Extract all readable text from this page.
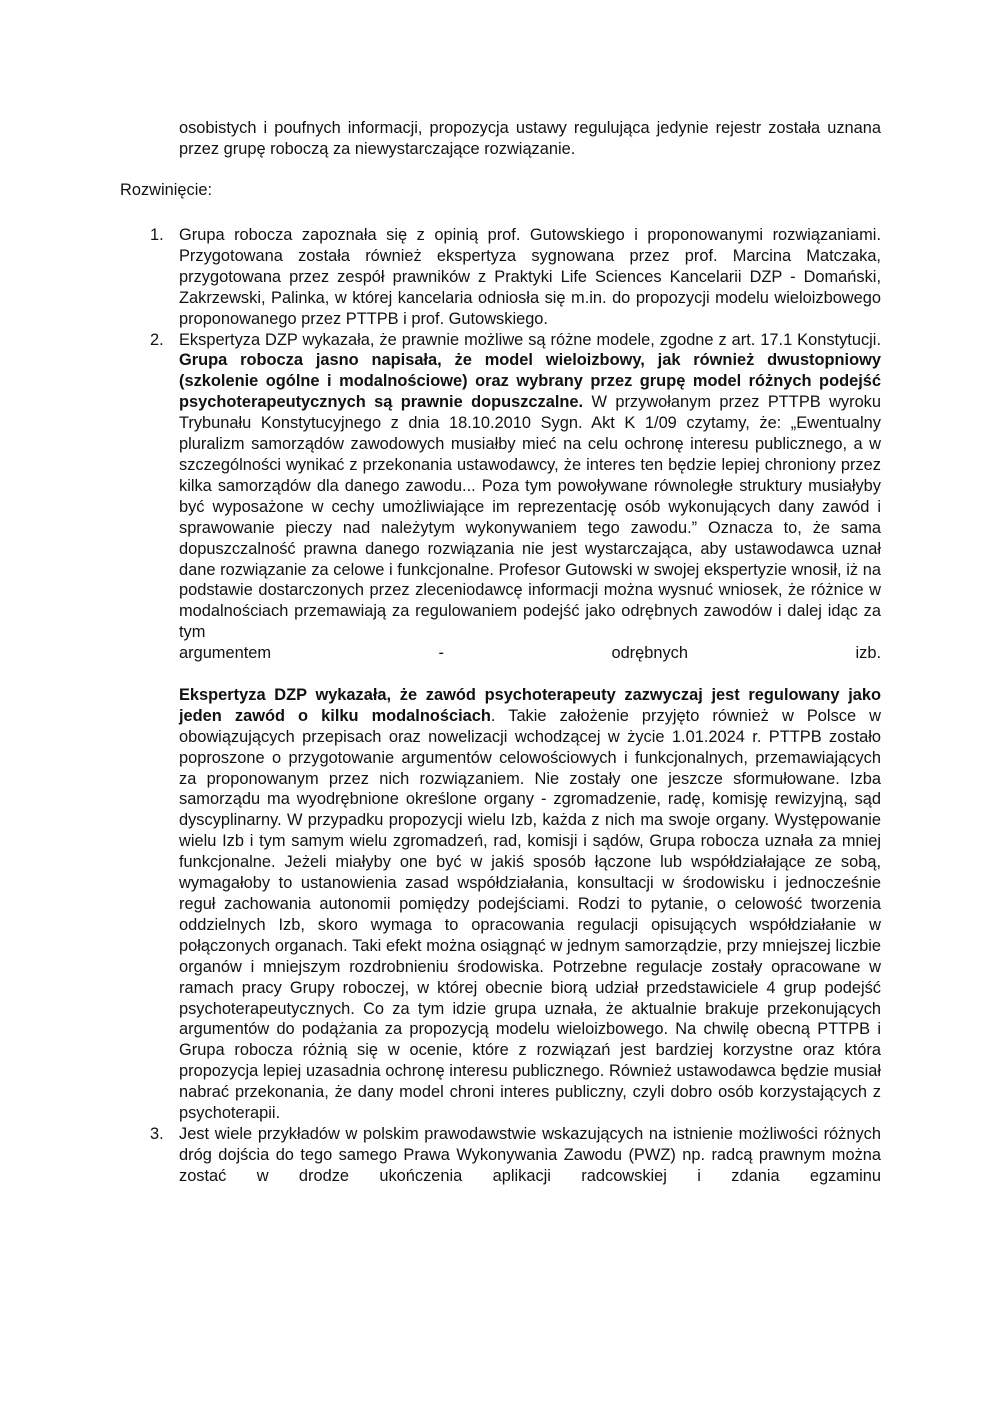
osobistych i poufnych informacji, propozycja ustawy regulująca jedynie rejestr została uznana przez grupę roboczą za niewystarczające rozwiązanie.

Rozwinięcie:
1. Grupa robocza zapoznała się z opinią prof. Gutowskiego i proponowanymi rozwiązaniami. Przygotowana została również ekspertyza sygnowana przez prof. Marcina Matczaka, przygotowana przez zespół prawników z Praktyki Life Sciences Kancelarii DZP - Domański, Zakrzewski, Palinka, w której kancelaria odniosła się m.in. do propozycji modelu wieloizbowego proponowanego przez PTTPB i prof. Gutowskiego.

2. Ekspertyza DZP wykazała, że prawnie możliwe są różne modele, zgodne z art. 17.1 Konstytucji. Grupa robocza jasno napisała, że model wieloizbowy, jak również dwustopniowy (szkolenie ogólne i modalnościowe) oraz wybrany przez grupę model różnych podejść psychoterapeutycznych są prawnie dopuszczalne. W przywołanym przez PTTPB wyroku Trybunału Konstytucyjnego z dnia 18.10.2010 Sygn. Akt K 1/09 czytamy, że: „Ewentualny pluralizm samorządów zawodowych musiałby mieć na celu ochronę interesu publicznego, a w szczególności wynikać z przekonania ustawodawcy, że interes ten będzie lepiej chroniony przez kilka samorządów dla danego zawodu... Poza tym powoływane równoległe struktury musiałyby być wyposażone w cechy umożliwiające im reprezentację osób wykonujących dany zawód i sprawowanie pieczy nad należytym wykonywaniem tego zawodu.” Oznacza to, że sama dopuszczalność prawna danego rozwiązania nie jest wystarczająca, aby ustawodawca uznał dane rozwiązanie za celowe i funkcjonalne. Profesor Gutowski w swojej ekspertyzie wnosił, iż na podstawie dostarczonych przez zleceniodawcę informacji można wysnuć wniosek, że różnice w modalnościach przemawiają za regulowaniem podejść jako odrębnych zawodów i dalej idąc za tym

argumentem - odrębnych izb.

Ekspertyza DZP wykazała, że zawód psychoterapeuty zazwyczaj jest regulowany jako jeden zawód o kilku modalnościach. Takie założenie przyjęto również w Polsce w obowiązujących przepisach oraz nowelizacji wchodzącej w życie 1.01.2024 r. PTTPB zostało poproszone o przygotowanie argumentów celowościowych i funkcjonalnych, przemawiających za proponowanym przez nich rozwiązaniem. Nie zostały one jeszcze sformułowane. Izba samorządu ma wyodrębnione określone organy - zgromadzenie, radę, komisję rewizyjną, sąd dyscyplinarny. W przypadku propozycji wielu Izb, każda z nich ma swoje organy. Występowanie wielu Izb i tym samym wielu zgromadzeń, rad, komisji i sądów, Grupa robocza uznała za mniej funkcjonalne. Jeżeli miałyby one być w jakiś sposób łączone lub współdziałające ze sobą, wymagałoby to ustanowienia zasad współdziałania, konsultacji w środowisku i jednocześnie reguł zachowania autonomii pomiędzy podejściami. Rodzi to pytanie, o celowość tworzenia oddzielnych Izb, skoro wymaga to opracowania regulacji opisujących współdziałanie w połączonych organach. Taki efekt można osiągnąć w jednym samorządzie, przy mniejszej liczbie organów i mniejszym rozdrobnieniu środowiska. Potrzebne regulacje zostały opracowane w ramach pracy Grupy roboczej, w której obecnie biorą udział przedstawiciele 4 grup podejść psychoterapeutycznych. Co za tym idzie grupa uznała, że aktualnie brakuje przekonujących argumentów do podążania za propozycją modelu wieloizbowego. Na chwilę obecną PTTPB i Grupa robocza różnią się w ocenie, które z rozwiązań jest bardziej korzystne oraz która propozycja lepiej uzasadnia ochronę interesu publicznego. Również ustawodawca będzie musiał nabrać przekonania, że dany model chroni interes publiczny, czyli dobro osób korzystających z psychoterapii.

3. Jest wiele przykładów w polskim prawodawstwie wskazujących na istnienie możliwości różnych dróg dojścia do tego samego Prawa Wykonywania Zawodu (PWZ) np. radcą prawnym można zostać w drodze ukończenia aplikacji radcowskiej i zdania egzaminu
